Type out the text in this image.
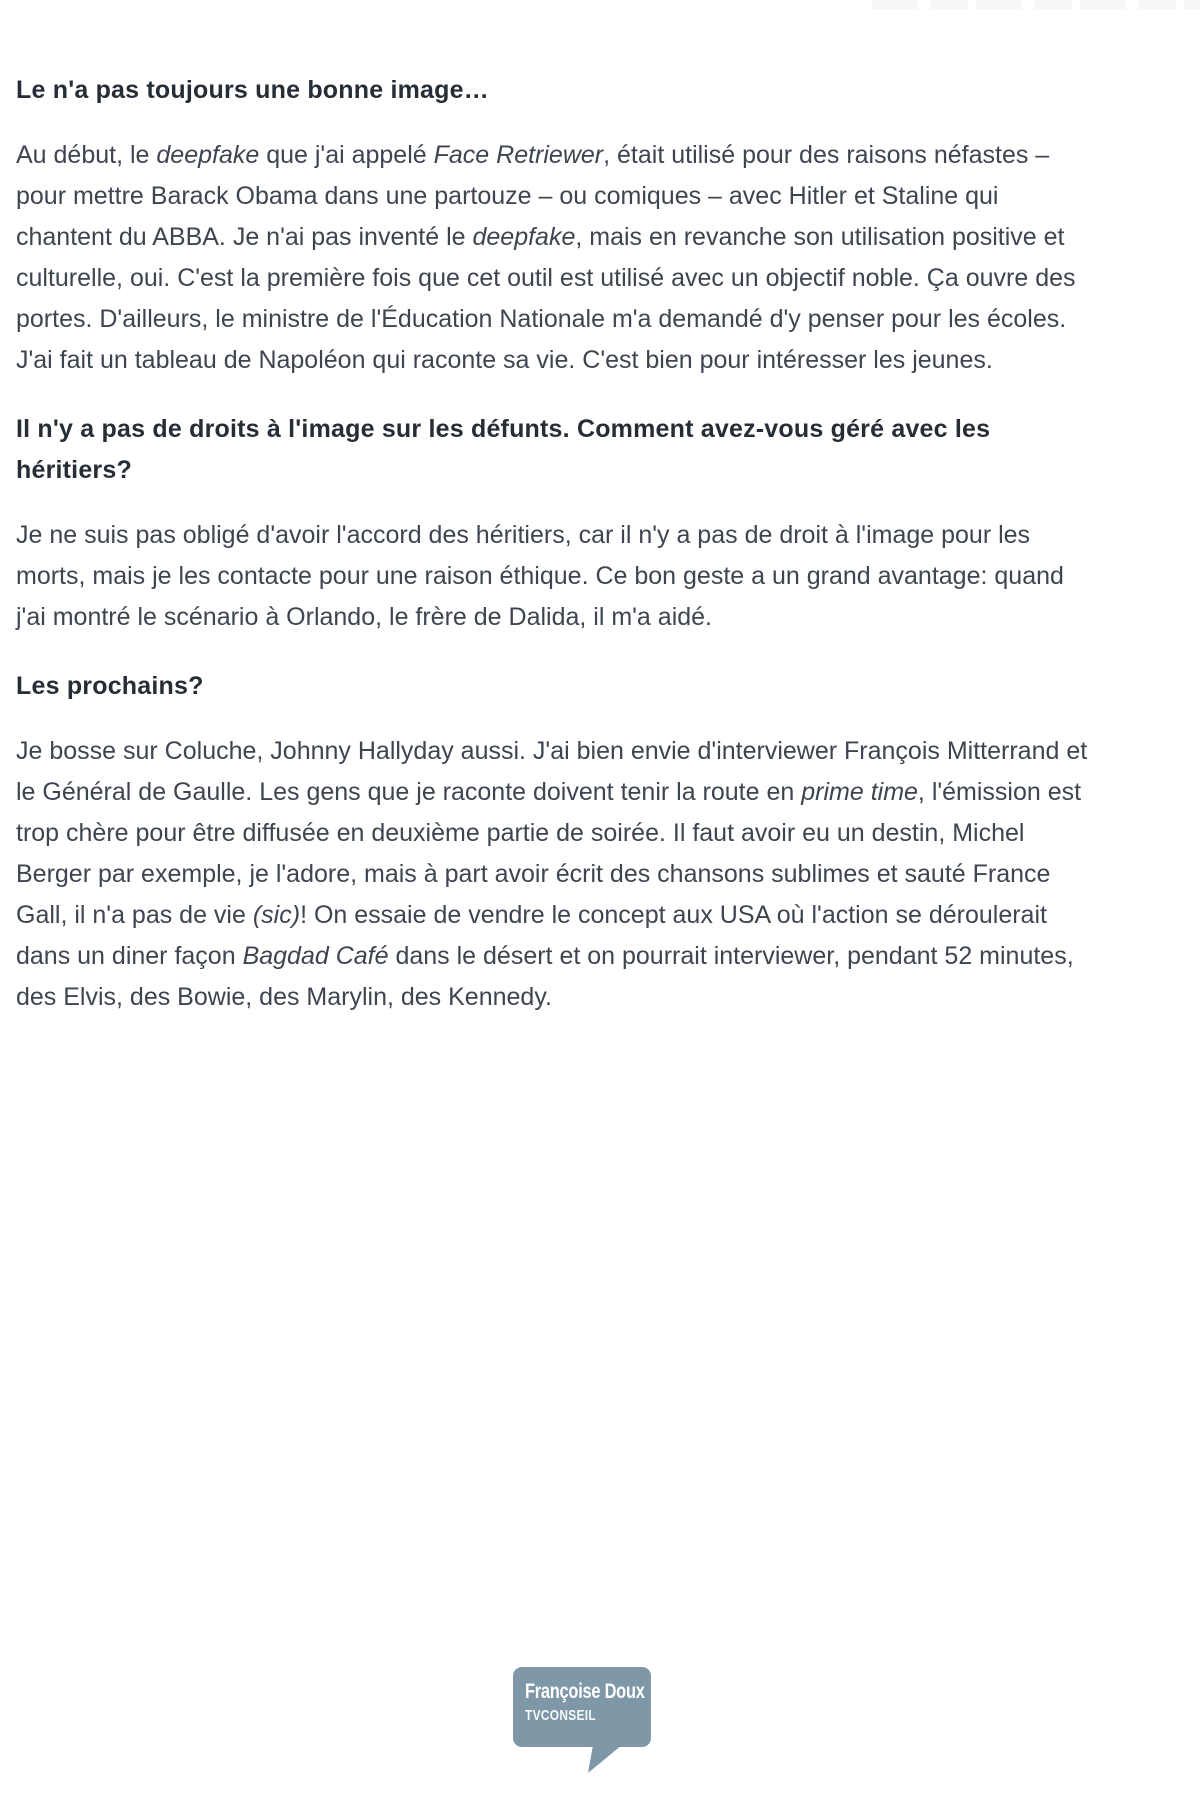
Le n'a pas toujours une bonne image…

Au début, le deepfake que j'ai appelé Face Retriewer, était utilisé pour des raisons néfastes – pour mettre Barack Obama dans une partouze – ou comiques – avec Hitler et Staline qui chantent du ABBA. Je n'ai pas inventé le deepfake, mais en revanche son utilisation positive et culturelle, oui. C'est la première fois que cet outil est utilisé avec un objectif noble. Ça ouvre des portes. D'ailleurs, le ministre de l'Éducation Nationale m'a demandé d'y penser pour les écoles. J'ai fait un tableau de Napoléon qui raconte sa vie. C'est bien pour intéresser les jeunes.

Il n'y a pas de droits à l'image sur les défunts. Comment avez-vous géré avec les héritiers?

Je ne suis pas obligé d'avoir l'accord des héritiers, car il n'y a pas de droit à l'image pour les morts, mais je les contacte pour une raison éthique. Ce bon geste a un grand avantage: quand j'ai montré le scénario à Orlando, le frère de Dalida, il m'a aidé.

Les prochains?

Je bosse sur Coluche, Johnny Hallyday aussi. J'ai bien envie d'interviewer François Mitterrand et le Général de Gaulle. Les gens que je raconte doivent tenir la route en prime time, l'émission est trop chère pour être diffusée en deuxième partie de soirée. Il faut avoir eu un destin, Michel Berger par exemple, je l'adore, mais à part avoir écrit des chansons sublimes et sauté France Gall, il n'a pas de vie (sic)! On essaie de vendre le concept aux USA où l'action se déroulerait dans un diner façon Bagdad Café dans le désert et on pourrait interviewer, pendant 52 minutes, des Elvis, des Bowie, des Marylin, des Kennedy.

Françoise Doux
TVCONSEIL
